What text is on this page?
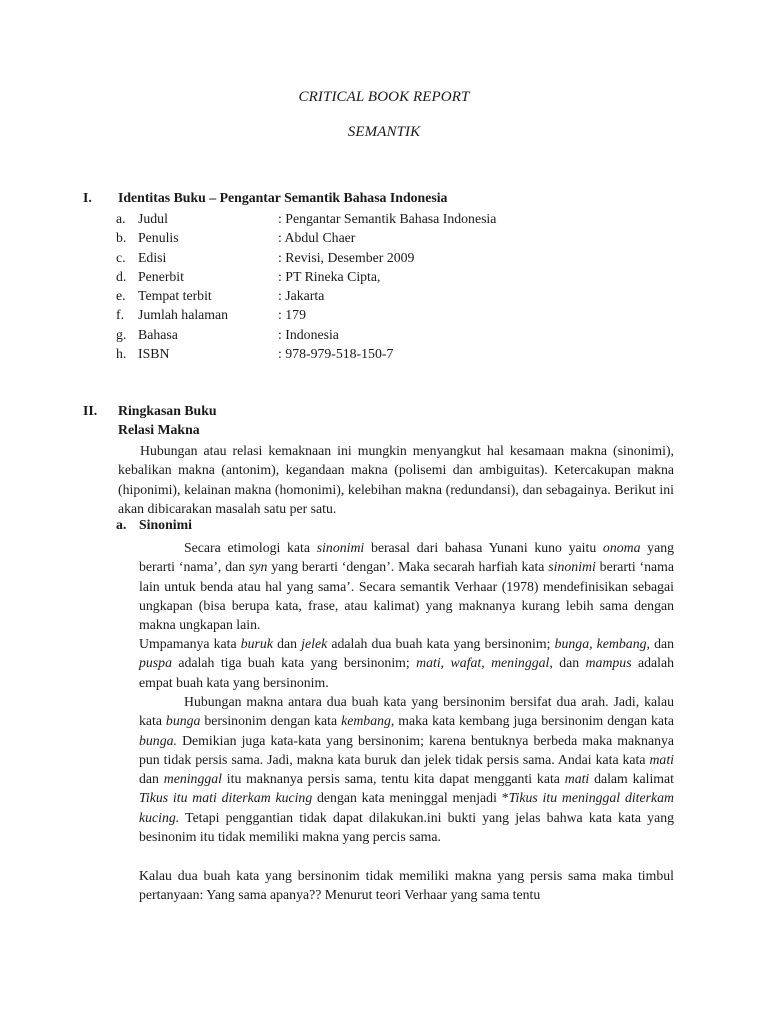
CRITICAL BOOK REPORT
SEMANTIK
I. Identitas Buku – Pengantar Semantik Bahasa Indonesia
a.	Judul	: Pengantar Semantik Bahasa Indonesia
b.	Penulis	: Abdul Chaer
c.	Edisi	: Revisi, Desember 2009
d.	Penerbit	: PT Rineka Cipta,
e.	Tempat terbit	: Jakarta
f.	Jumlah halaman	: 179
g.	Bahasa	: Indonesia
h.	ISBN	: 978-979-518-150-7
II. Ringkasan Buku
Relasi Makna

Hubungan atau relasi kemaknaan ini mungkin menyangkut hal kesamaan makna (sinonimi), kebalikan makna (antonim), kegandaan makna (polisemi dan ambiguitas). Ketercakupan makna (hiponimi), kelainan makna (homonimi), kelebihan makna (redundansi), dan sebagainya. Berikut ini akan dibicarakan masalah satu per satu.

a. Sinonimi

Secara etimologi kata sinonimi berasal dari bahasa Yunani kuno yaitu onoma yang berarti ‘nama’, dan syn yang berarti ‘dengan’. Maka secarah harfiah kata sinonimi berarti ‘nama lain untuk benda atau hal yang sama’. Secara semantik Verhaar (1978) mendefinisikan sebagai ungkapan (bisa berupa kata, frase, atau kalimat) yang maknanya kurang lebih sama dengan makna ungkapan lain.

Umpamanya kata buruk dan jelek adalah dua buah kata yang bersinonim; bunga, kembang, dan puspa adalah tiga buah kata yang bersinonim; mati, wafat, meninggal, dan mampus adalah empat buah kata yang bersinonim.

Hubungan makna antara dua buah kata yang bersinonim bersifat dua arah. Jadi, kalau kata bunga bersinonim dengan kata kembang, maka kata kembang juga bersinonim dengan kata bunga. Demikian juga kata-kata yang bersinonim; karena bentuknya berbeda maka maknanya pun tidak persis sama. Jadi, makna kata buruk dan jelek tidak persis sama. Andai kata kata mati dan meninggal itu maknanya persis sama, tentu kita dapat mengganti kata mati dalam kalimat Tikus itu mati diterkam kucing dengan kata meninggal menjadi *Tikus itu meninggal diterkam kucing. Tetapi penggantian tidak dapat dilakukan.ini bukti yang jelas bahwa kata kata yang besinonim itu tidak memiliki makna yang percis sama.

Kalau dua buah kata yang bersinonim tidak memiliki makna yang persis sama maka timbul pertanyaan: Yang sama apanya?? Menurut teori Verhaar yang sama tentu
